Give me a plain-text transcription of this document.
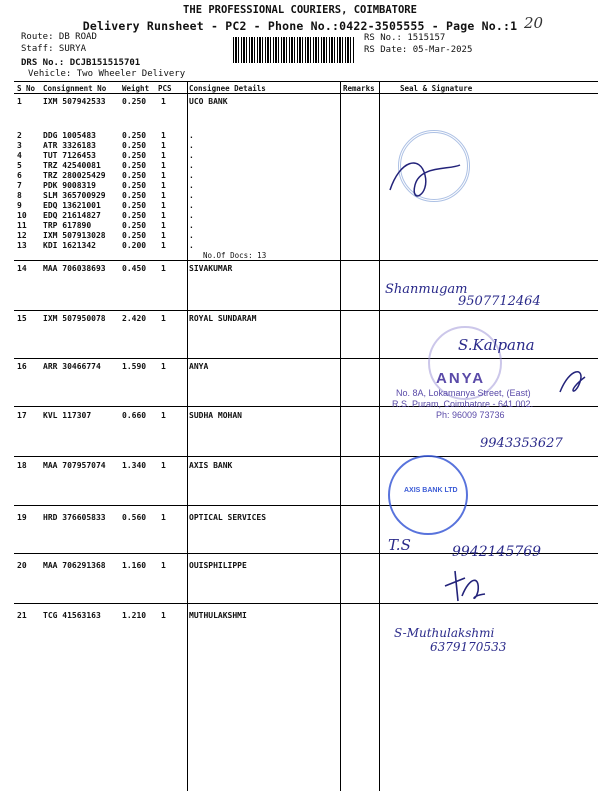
THE PROFESSIONAL COURIERS, COIMBATORE
Delivery Runsheet - PC2 - Phone No.:0422-3505555 - Page No.:1 20
Route: DB ROAD
Staff: SURYA
DRS No.: DCJB151515701
Vehicle: Two Wheeler Delivery
RS No.: 1515157
RS Date: 05-Mar-2025
S No Consignment No Weight PCS Consignee Details	Remarks	Seal & Signature
1	IXM 507942533 0.250 1	UCO BANK
2	DDG 1005483	0.250 1	.
3	ATR 3326183	0.250 1	.
4	TUT 7126453	0.250 1	.
5	TRZ 42540081	0.250 1	.
6	TRZ 280025429 0.250 1	.
7	PDK 9008319	0.250 1	.
8	SLM 365700929 0.250 1	.
9	EDQ 13621001	0.250 1	.
10 EDQ 21614827	0.250 1	.
11 TRP 617890	0.250 1	.
12 IXM 507913028 0.250 1	.
13 KDI 1621342	0.200 1	.
No.Of Docs: 13
14 MAA 706038693 0.450 1	SIVAKUMAR
15 IXM 507950078 2.420 1	ROYAL SUNDARAM
16 ARR 30466774	1.590 1	ANYA
17 KVL 117307	0.660 1	SUDHA MOHAN
18 MAA 707957074 1.340 1	AXIS BANK
19 HRD 376605833 0.560 1	OPTICAL SERVICES
20 MAA 706291368 1.160 1	OUISPHILIPPE
21 TCG 41563163	1.210 1	MUTHULAKSHMI
Shanmugam
9507712464
S.Kalpana
ANYA
No. 8A, Lokamanya Street, (East)
R.S. Puram, Coimbatore - 641 002.
Ph: 96009 73736
9943353627
AXIS BANK LTD
T.S	9942145769
S-Muthulakshmi
6379170533
